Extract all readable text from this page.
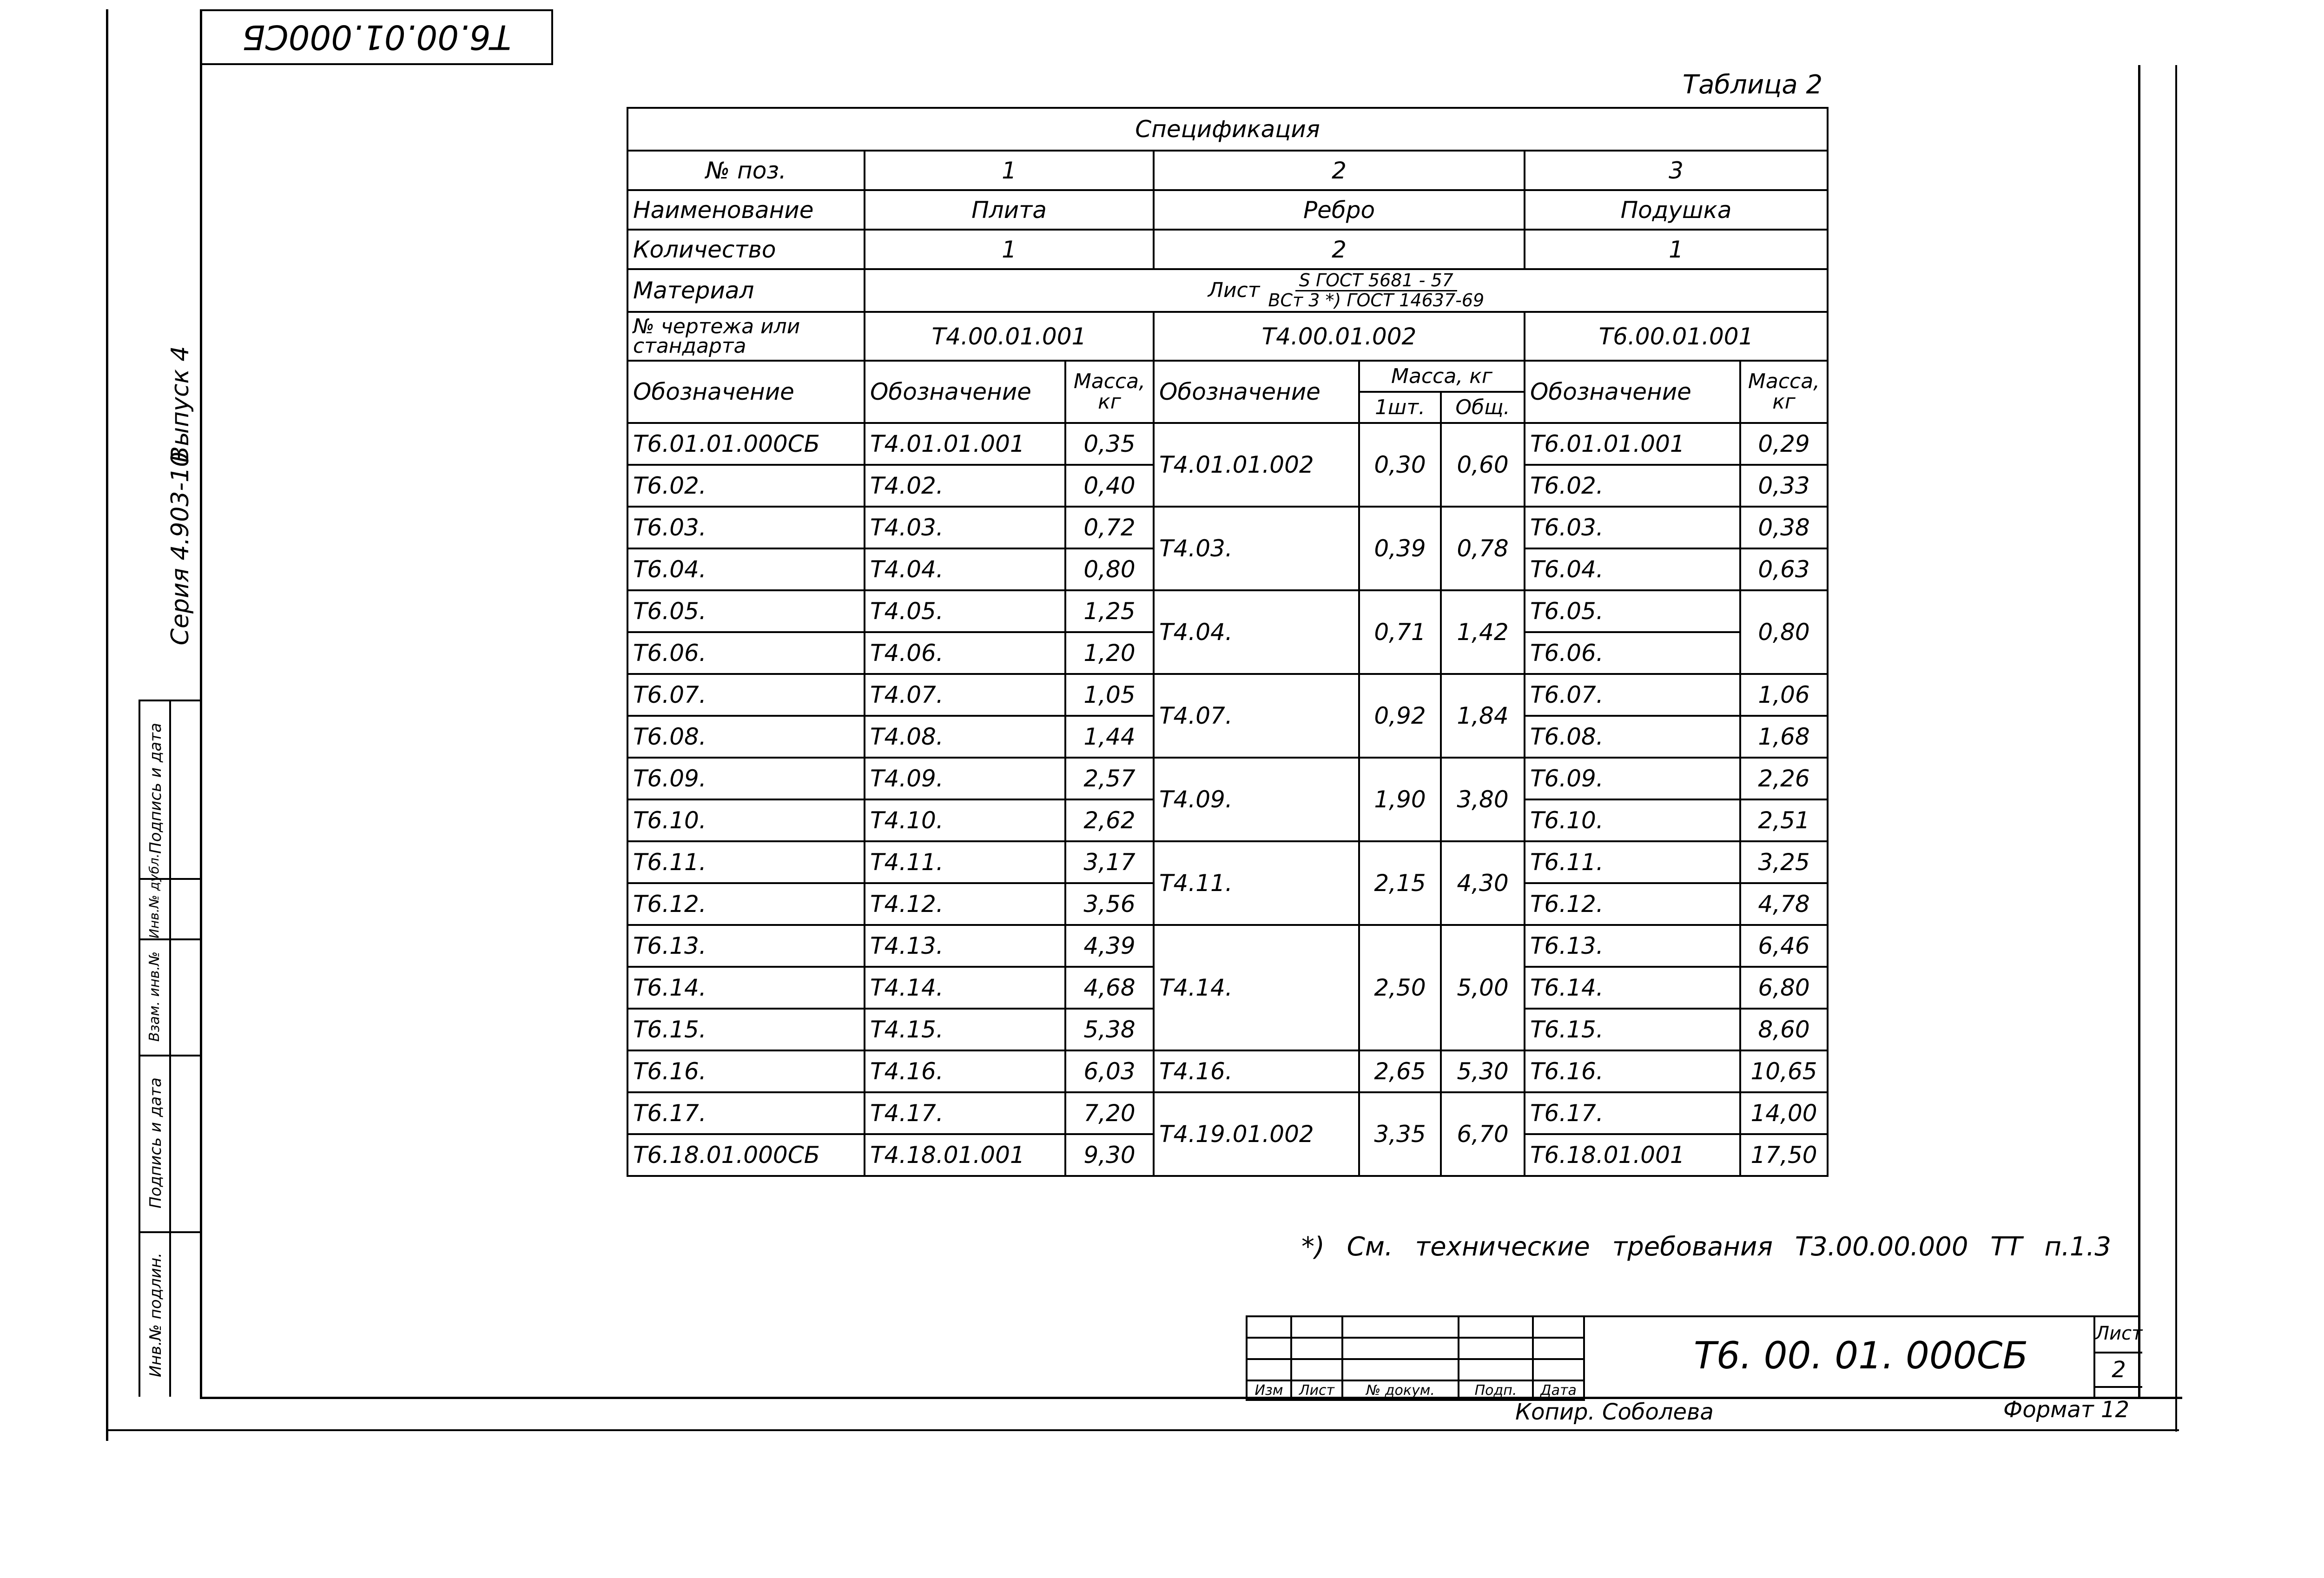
Т6.00.01.000СБ
Подпись и дата
Инв.№ дубл.
Взам. инв.№
Подпись и дата
Инв.№ подлин.
Серия 4.903-10
Выпуск 4
Таблица 2
Спецификация							
№ поз.	1		2			3	
Наименование	Плита		Ребро			Подушка	
Количество	1		2			1	
Материал	Лист S ГОСТ 5681 - 57
ВСт 3 *) ГОСТ 14637-69						

№ чертежа или стандарта	Т4.00.01.001		Т4.00.01.002			Т6.00.01.001	
Обозначение	Обозначение	Масса, кг	Обозначение	Масса, кг		Обозначение	Масса, кг
				1шт.	Общ.		
Т6.01.01.000СБ	Т4.01.01.001	0,35	Т4.01.01.002	0,30	0,60	Т6.01.01.001	0,29
Т6.02.	Т4.02.	0,40				Т6.02.	0,33
Т6.03.	Т4.03.	0,72	Т4.03.	0,39	0,78	Т6.03.	0,38
Т6.04.	Т4.04.	0,80				Т6.04.	0,63
Т6.05.	Т4.05.	1,25	Т4.04.	0,71	1,42	Т6.05.	0,80
Т6.06.	Т4.06.	1,20				Т6.06.	
Т6.07.	Т4.07.	1,05	Т4.07.	0,92	1,84	Т6.07.	1,06
Т6.08.	Т4.08.	1,44				Т6.08.	1,68
Т6.09.	Т4.09.	2,57	Т4.09.	1,90	3,80	Т6.09.	2,26
Т6.10.	Т4.10.	2,62				Т6.10.	2,51
Т6.11.	Т4.11.	3,17	Т4.11.	2,15	4,30	Т6.11.	3,25
Т6.12.	Т4.12.	3,56				Т6.12.	4,78
Т6.13.	Т4.13.	4,39	Т4.14.	2,50	5,00	Т6.13.	6,46
Т6.14.	Т4.14.	4,68				Т6.14.	6,80
Т6.15.	Т4.15.	5,38				Т6.15.	8,60
Т6.16.	Т4.16.	6,03	Т4.16.	2,65	5,30	Т6.16.	10,65
Т6.17.	Т4.17.	7,20	Т4.19.01.002	3,35	6,70	Т6.17.	14,00
Т6.18.01.000СБ	Т4.18.01.001	9,30				Т6.18.01.001	17,50
*) См. технические требования Т3.00.00.000 ТТ п.1.3

Изм	Лист	№ докум.	Подп.	Дата
Т6. 00. 01. 000СБ
Лист
2
Копир. Соболева	Формат 12
